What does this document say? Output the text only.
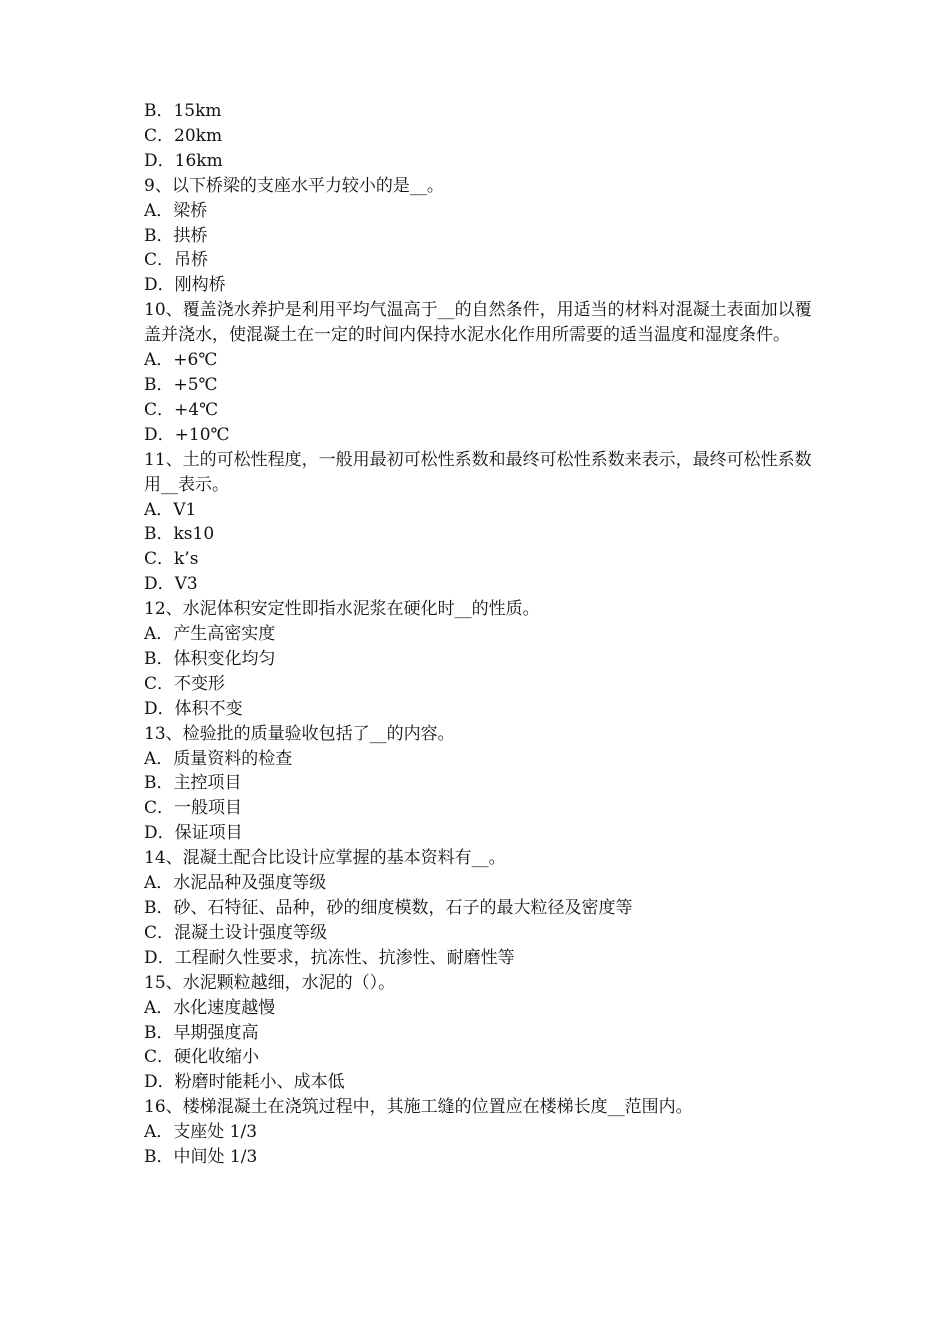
B．15km
C．20km
D．16km
9、以下桥梁的支座水平力较小的是__。
A．梁桥
B．拱桥
C．吊桥
D．刚构桥
10、覆盖浇水养护是利用平均气温高于__的自然条件，用适当的材料对混凝土表面加以覆盖并浇水，使混凝土在一定的时间内保持水泥水化作用所需要的适当温度和湿度条件。
A．+6℃
B．+5℃
C．+4℃
D．+10℃
11、土的可松性程度，一般用最初可松性系数和最终可松性系数来表示，最终可松性系数用__表示。
A．V1
B．ks10
C．k’s
D．V3
12、水泥体积安定性即指水泥浆在硬化时__的性质。
A．产生高密实度
B．体积变化均匀
C．不变形
D．体积不变
13、检验批的质量验收包括了__的内容。
A．质量资料的检查
B．主控项目
C．一般项目
D．保证项目
14、混凝土配合比设计应掌握的基本资料有__。
A．水泥品种及强度等级
B．砂、石特征、品种，砂的细度模数，石子的最大粒径及密度等
C．混凝土设计强度等级
D．工程耐久性要求，抗冻性、抗渗性、耐磨性等
15、水泥颗粒越细，水泥的（）。
A．水化速度越慢
B．早期强度高
C．硬化收缩小
D．粉磨时能耗小、成本低
16、楼梯混凝土在浇筑过程中，其施工缝的位置应在楼梯长度__范围内。
A．支座处 1/3
B．中间处 1/3
